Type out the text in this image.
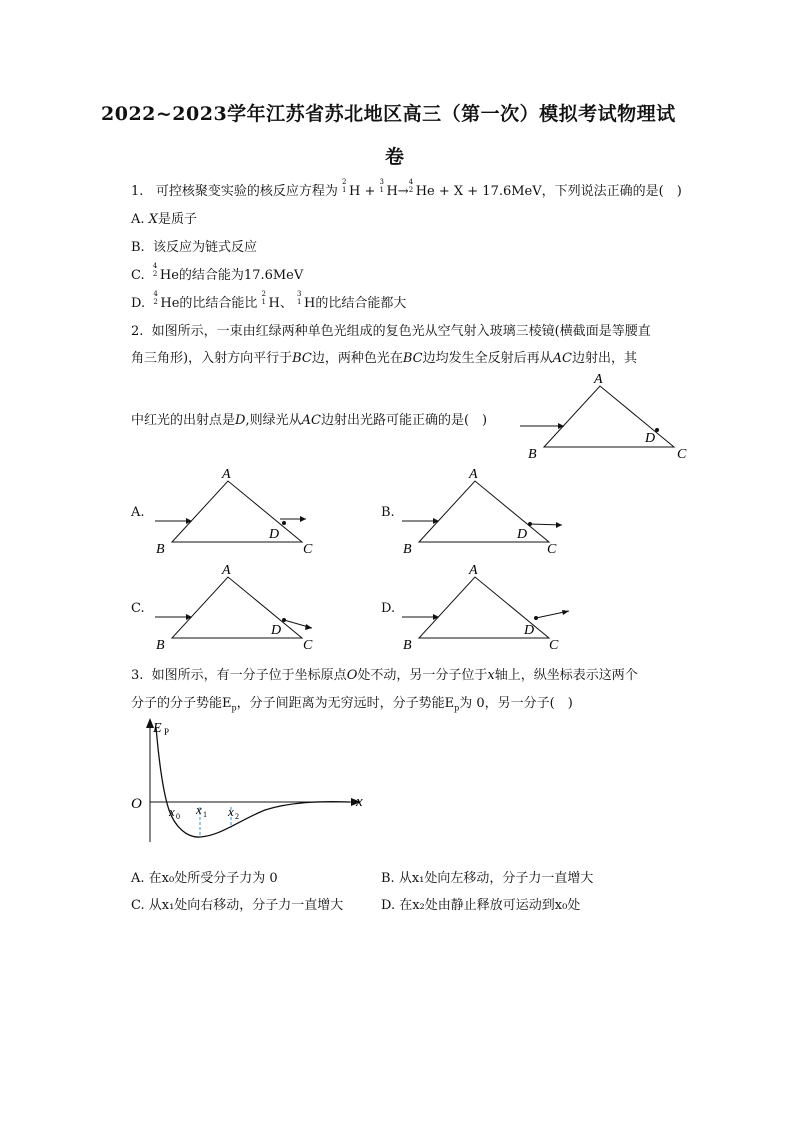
2022~2023学年江苏省苏北地区高三（第一次）模拟考试物理试
卷
1. 可控核聚变实验的核反应方程为
2
1 H +
3
1 H→
4
2 He + X + 17.6MeV，下列说法正确的是(　)
A. X是质子
B. 该反应为链式反应
C.
4
2 He的结合能为17.6MeV
D.
4
2 He的比结合能比
2
1 H、
3
1 H的比结合能都大
2. 如图所示，一束由红绿两种单色光组成的复色光从空气射入玻璃三棱镜(横截面是等腰直
角三角形)，入射方向平行于BC边，两种色光在BC边均发生全反射后再从AC边射出，其
中红光的出射点是D,则绿光从AC边射出光路可能正确的是(　)
A
B	C
D
A.
A
B	C
D
B.
A
B	C
D
C.
A
B	C
D
D.
A
B	C
D
3. 如图所示，有一分子位于坐标原点O处不动，另一分子位于x轴上，纵坐标表示这两个
分子的分子势能$E_p$，分子间距离为无穷远时，分子势能$E_p$为 0，另一分子(　)
E P
O	x
x 0 x 1 x 2
A. 在x₀处所受分子力为 0	B. 从x₁处向左移动，分子力一直增大
C. 从x₁处向右移动，分子力一直增大	D. 在x₂处由静止释放可运动到x₀处
